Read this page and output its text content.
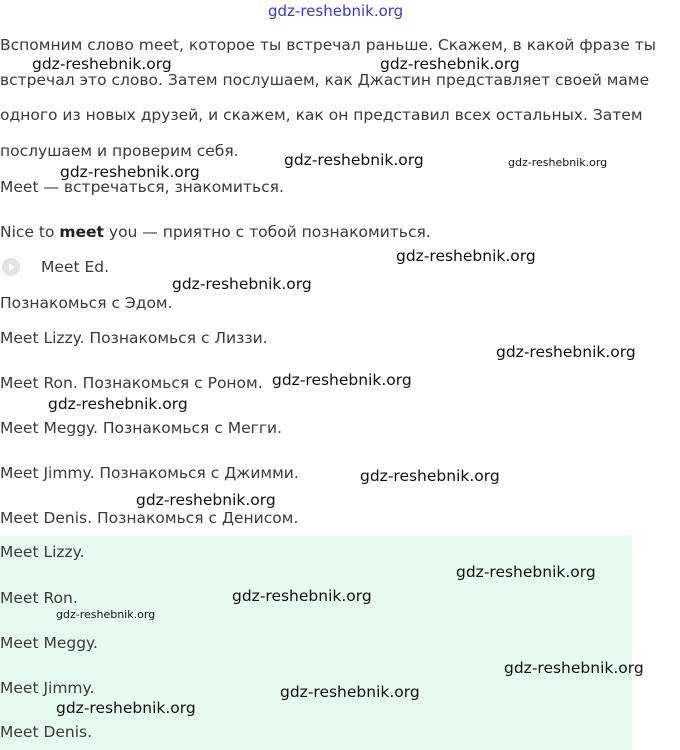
gdz-reshebnik.org
Вспомним слово meet, которое ты встречал раньше. Скажем, в какой фразе ты
встречал это слово. Затем послушаем, как Джастин представляет своей маме
одного из новых друзей, и скажем, как он представил всех остальных. Затем
послушаем и проверим себя.
Meet — встречаться, знакомиться.
Nice to meet you — приятно с тобой познакомиться.
Meet Ed.
Познакомься с Эдом.
Meet Lizzy. Познакомься с Лиззи.
Meet Ron. Познакомься с Роном.
Meet Meggy. Познакомься с Мегги.
Meet Jimmy. Познакомься с Джимми.
Meet Denis. Познакомься с Денисом.
Meet Lizzy.
Meet Ron.
Meet Meggy.
Meet Jimmy.
Meet Denis.
gdz-reshebnik.org	gdz-reshebnik.org
gdz-reshebnik.org	gdz-reshebnik.org
gdz-reshebnik.org
gdz-reshebnik.org
gdz-reshebnik.org
gdz-reshebnik.org
gdz-reshebnik.org
gdz-reshebnik.org
gdz-reshebnik.org
gdz-reshebnik.org
gdz-reshebnik.org
gdz-reshebnik.org
gdz-reshebnik.org
gdz-reshebnik.org
gdz-reshebnik.org
gdz-reshebnik.org
